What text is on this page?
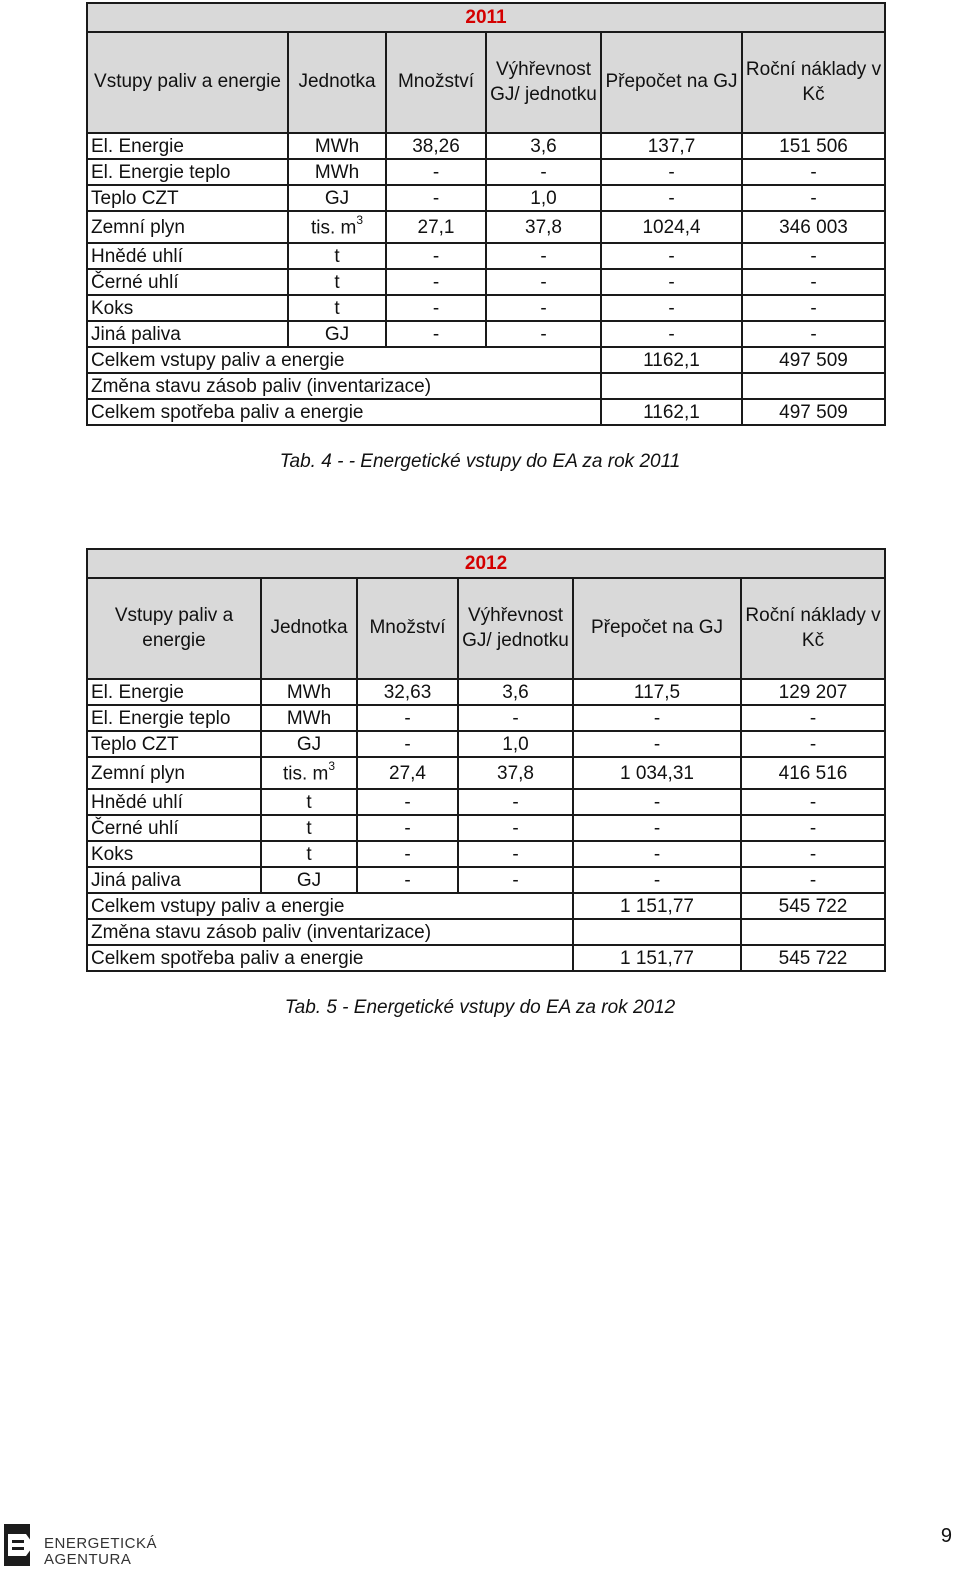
2011					
Vstupy paliv a energie	Jednotka	Množství	Výhřevnost GJ/ jednotku	Přepočet na GJ	Roční náklady v Kč
El. Energie	MWh	38,26	3,6	137,7	151 506
El. Energie teplo	MWh	-	-	-	-
Teplo CZT	GJ	-	1,0	-	-
Zemní plyn	tis. $m^3$	27,1	37,8	1024,4	346 003
Hnědé uhlí	t	-	-	-	-
Černé uhlí	t	-	-	-	-
Koks	t	-	-	-	-
Jiná paliva	GJ	-	-	-	-
Celkem vstupy paliv a energie				1162,1	497 509
Změna stavu zásob paliv (inventarizace)					
Celkem spotřeba paliv a energie				1162,1	497 509
Tab. 4 - - Energetické vstupy do EA za rok 2011
2012					
Vstupy paliv a energie	Jednotka	Množství	Výhřevnost GJ/ jednotku	Přepočet na GJ	Roční náklady v Kč
El. Energie	MWh	32,63	3,6	117,5	129 207
El. Energie teplo	MWh	-	-	-	-
Teplo CZT	GJ	-	1,0	-	-
Zemní plyn	tis. $m^3$	27,4	37,8	1 034,31	416 516
Hnědé uhlí	t	-	-	-	-
Černé uhlí	t	-	-	-	-
Koks	t	-	-	-	-
Jiná paliva	GJ	-	-	-	-
Celkem vstupy paliv a energie				1 151,77	545 722
Změna stavu zásob paliv (inventarizace)					
Celkem spotřeba paliv a energie				1 151,77	545 722
Tab. 5 - Energetické vstupy do EA za rok 2012
ENERGETICKÁ
AGENTURA
9
